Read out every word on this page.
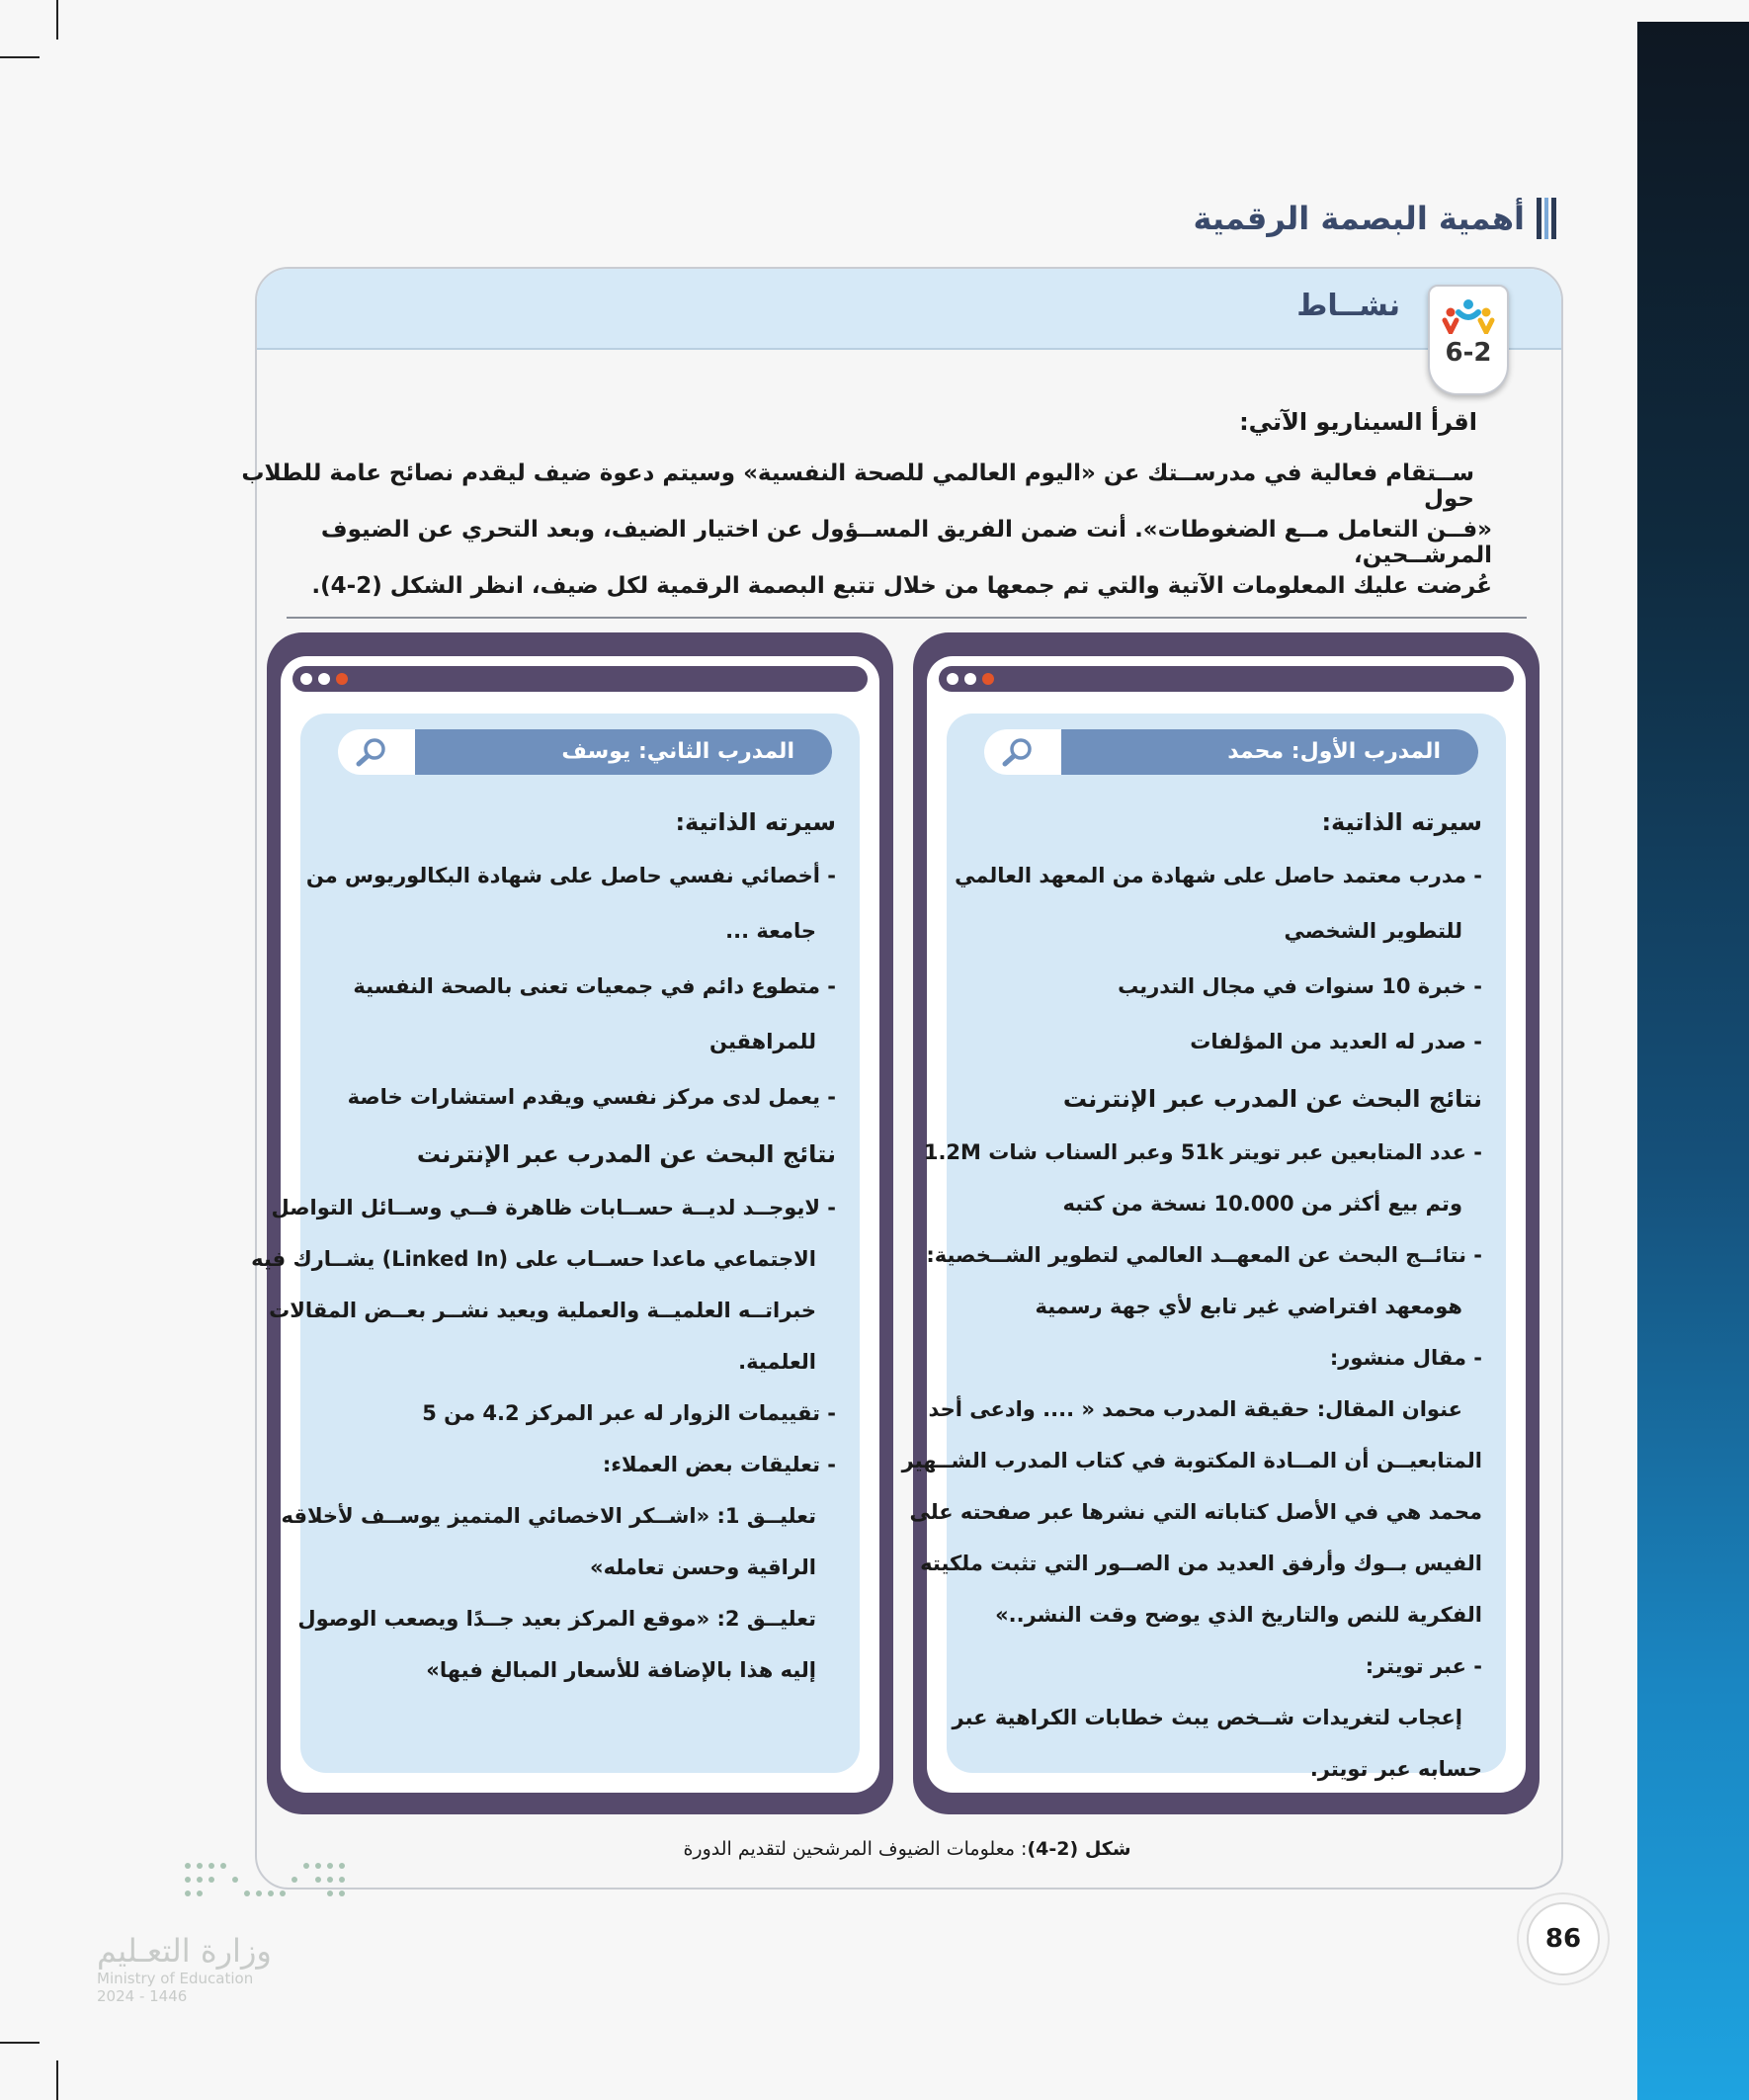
أهمية البصمة الرقمية
6-2
نشــاط
اقرأ السيناريو الآتي:
ســتقام فعالية في مدرســتك عن «اليوم العالمي للصحة النفسية» وسيتم دعوة ضيف ليقدم نصائح عامة للطلاب حول
«فــن التعامل مــع الضغوطات». أنت ضمن الفريق المســؤول عن اختيار الضيف، وبعد التحري عن الضيوف المرشــحين،
عُرضت عليك المعلومات الآتية والتي تم جمعها من خلال تتبع البصمة الرقمية لكل ضيف، انظر الشكل (2-4).
المدرب الثاني: يوسف
سيرته الذاتية:
- أخصائي نفسي حاصل على شهادة البكالوريوس من
جامعة ...
- متطوع دائم في جمعيات تعنى بالصحة النفسية
للمراهقين
- يعمل لدى مركز نفسي ويقدم استشارات خاصة
نتائج البحث عن المدرب عبر الإنترنت
- لايوجــد لديــة حســابات ظاهرة فــي وســائل التواصل
الاجتماعي ماعدا حســاب على (Linked In) يشــارك فيه
خبراتــه العلميــة والعملية ويعيد نشــر بعــض المقالات
العلمية.
- تقييمات الزوار له عبر المركز 4.2 من 5
- تعليقات بعض العملاء:
تعليــق 1: «اشــكر الاخصائي المتميز يوســف لأخلاقه
الراقية وحسن تعامله»
تعليــق 2: «موقع المركز بعيد جــدًا ويصعب الوصول
إليه هذا بالإضافة للأسعار المبالغ فيها»
المدرب الأول: محمد
سيرته الذاتية:
- مدرب معتمد حاصل على شهادة من المعهد العالمي
للتطوير الشخصي
- خبرة 10 سنوات في مجال التدريب
- صدر له العديد من المؤلفات
نتائج البحث عن المدرب عبر الإنترنت
- عدد المتابعين عبر تويتر 51k وعبر السناب شات 1.2M
وتم بيع أكثر من 10.000 نسخة من كتبه
- نتائــج البحث عن المعهــد العالمي لتطوير الشــخصية:
هومعهد افتراضي غير تابع لأي جهة رسمية
- مقال منشور:
عنوان المقال: حقيقة المدرب محمد « .... وادعى أحد
المتابعيــن أن المــادة المكتوبة في كتاب المدرب الشــهير
محمد هي في الأصل كتاباته التي نشرها عبر صفحته على
الفيس بــوك وأرفق العديد من الصــور التي تثبت ملكيته
الفكرية للنص والتاريخ الذي يوضح وقت النشر..»
- عبر تويتر:
إعجاب لتغريدات شــخص يبث خطابات الكراهية عبر
حسابه عبر تويتر.
شكل (2-4): معلومات الضيوف المرشحين لتقديم الدورة
86
وزارة التعـليم
Ministry of Education
2024 - 1446
